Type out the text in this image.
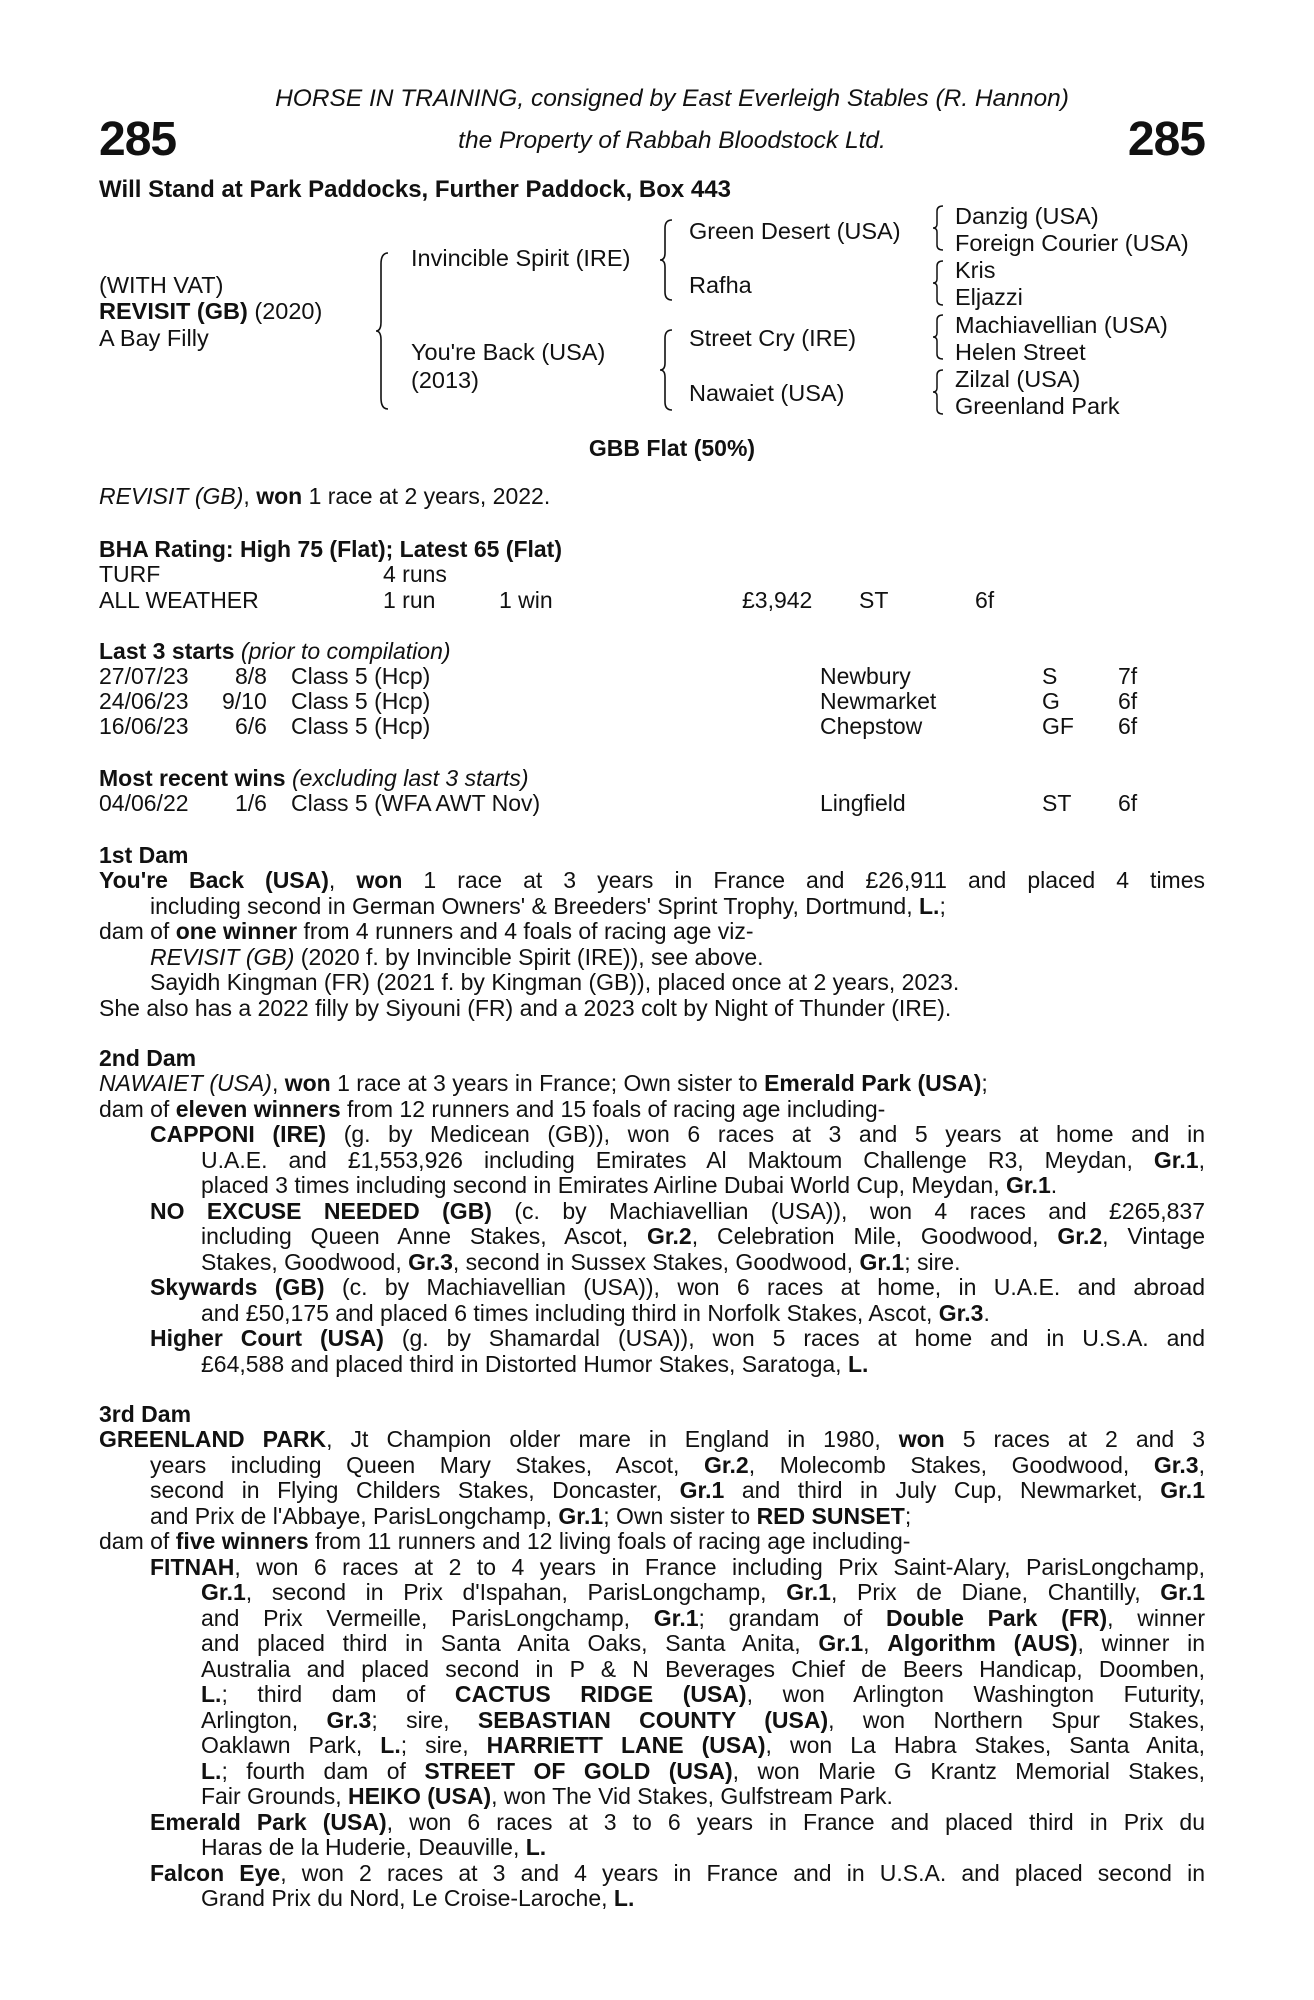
285	285
HORSE IN TRAINING, consigned by East Everleigh Stables (R. Hannon)
the Property of Rabbah Bloodstock Ltd.
Will Stand at Park Paddocks, Further Paddock, Box 443
(WITH VAT)
REVISIT (GB) (2020)
A Bay Filly
Invincible Spirit (IRE)
You're Back (USA)
(2013)
Green Desert (USA)
Rafha
Street Cry (IRE)
Nawaiet (USA)
Danzig (USA)
Foreign Courier (USA)
Kris
Eljazzi
Machiavellian (USA)
Helen Street
Zilzal (USA)
Greenland Park
GBB Flat (50%)
REVISIT (GB), won 1 race at 2 years, 2022.
BHA Rating: High 75 (Flat); Latest 65 (Flat)
TURF	4 runs
ALL WEATHER	1 run	1 win	£3,942 ST	6f
Last 3 starts (prior to compilation)
27/07/23 8/8 Class 5 (Hcp)	Newbury	S	7f
24/06/23 9/10 Class 5 (Hcp)	Newmarket	G	6f
16/06/23 6/6 Class 5 (Hcp)	Chepstow	GF 6f
Most recent wins (excluding last 3 starts)
04/06/22 1/6 Class 5 (WFA AWT Nov)	Lingfield	ST 6f
1st Dam
You're Back (USA), won 1 race at 3 years in France and £26,911 and placed 4 times
including second in German Owners' & Breeders' Sprint Trophy, Dortmund, L.;
dam of one winner from 4 runners and 4 foals of racing age viz-
REVISIT (GB) (2020 f. by Invincible Spirit (IRE)), see above.
Sayidh Kingman (FR) (2021 f. by Kingman (GB)), placed once at 2 years, 2023.
She also has a 2022 filly by Siyouni (FR) and a 2023 colt by Night of Thunder (IRE).
2nd Dam
NAWAIET (USA), won 1 race at 3 years in France; Own sister to Emerald Park (USA);
dam of eleven winners from 12 runners and 15 foals of racing age including-
CAPPONI (IRE) (g. by Medicean (GB)), won 6 races at 3 and 5 years at home and in
U.A.E. and £1,553,926 including Emirates Al Maktoum Challenge R3, Meydan, Gr.1,
placed 3 times including second in Emirates Airline Dubai World Cup, Meydan, Gr.1.
NO EXCUSE NEEDED (GB) (c. by Machiavellian (USA)), won 4 races and £265,837
including Queen Anne Stakes, Ascot, Gr.2, Celebration Mile, Goodwood, Gr.2, Vintage
Stakes, Goodwood, Gr.3, second in Sussex Stakes, Goodwood, Gr.1; sire.
Skywards (GB) (c. by Machiavellian (USA)), won 6 races at home, in U.A.E. and abroad
and £50,175 and placed 6 times including third in Norfolk Stakes, Ascot, Gr.3.
Higher Court (USA) (g. by Shamardal (USA)), won 5 races at home and in U.S.A. and
£64,588 and placed third in Distorted Humor Stakes, Saratoga, L.
3rd Dam
GREENLAND PARK, Jt Champion older mare in England in 1980, won 5 races at 2 and 3
years including Queen Mary Stakes, Ascot, Gr.2, Molecomb Stakes, Goodwood, Gr.3,
second in Flying Childers Stakes, Doncaster, Gr.1 and third in July Cup, Newmarket, Gr.1
and Prix de l'Abbaye, ParisLongchamp, Gr.1; Own sister to RED SUNSET;
dam of five winners from 11 runners and 12 living foals of racing age including-
FITNAH, won 6 races at 2 to 4 years in France including Prix Saint-Alary, ParisLongchamp,
Gr.1, second in Prix d'Ispahan, ParisLongchamp, Gr.1, Prix de Diane, Chantilly, Gr.1
and Prix Vermeille, ParisLongchamp, Gr.1; grandam of Double Park (FR), winner
and placed third in Santa Anita Oaks, Santa Anita, Gr.1, Algorithm (AUS), winner in
Australia and placed second in P & N Beverages Chief de Beers Handicap, Doomben,
L.; third dam of CACTUS RIDGE (USA), won Arlington Washington Futurity,
Arlington, Gr.3; sire, SEBASTIAN COUNTY (USA), won Northern Spur Stakes,
Oaklawn Park, L.; sire, HARRIETT LANE (USA), won La Habra Stakes, Santa Anita,
L.; fourth dam of STREET OF GOLD (USA), won Marie G Krantz Memorial Stakes,
Fair Grounds, HEIKO (USA), won The Vid Stakes, Gulfstream Park.
Emerald Park (USA), won 6 races at 3 to 6 years in France and placed third in Prix du
Haras de la Huderie, Deauville, L.
Falcon Eye, won 2 races at 3 and 4 years in France and in U.S.A. and placed second in
Grand Prix du Nord, Le Croise-Laroche, L.
